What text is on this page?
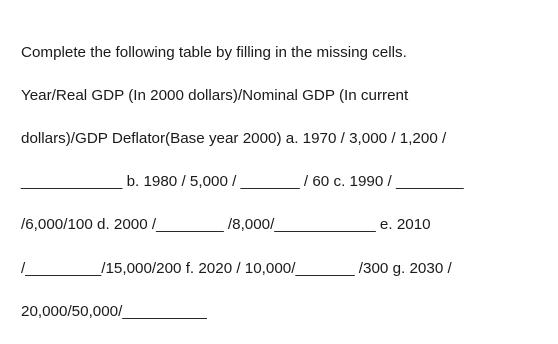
Complete the following table by filling in the missing cells.

Year/Real GDP (In 2000 dollars)/Nominal GDP (In current

dollars)/GDP Deflator(Base year 2000) a. 1970 / 3,000 / 1,200 /

____________ b. 1980 / 5,000 / _______ / 60 c. 1990 / ________

/6,000/100 d. 2000 /________ /8,000/____________ e. 2010

/_________/15,000/200 f. 2020 / 10,000/_______ /300 g. 2030 /

20,000/50,000/__________
